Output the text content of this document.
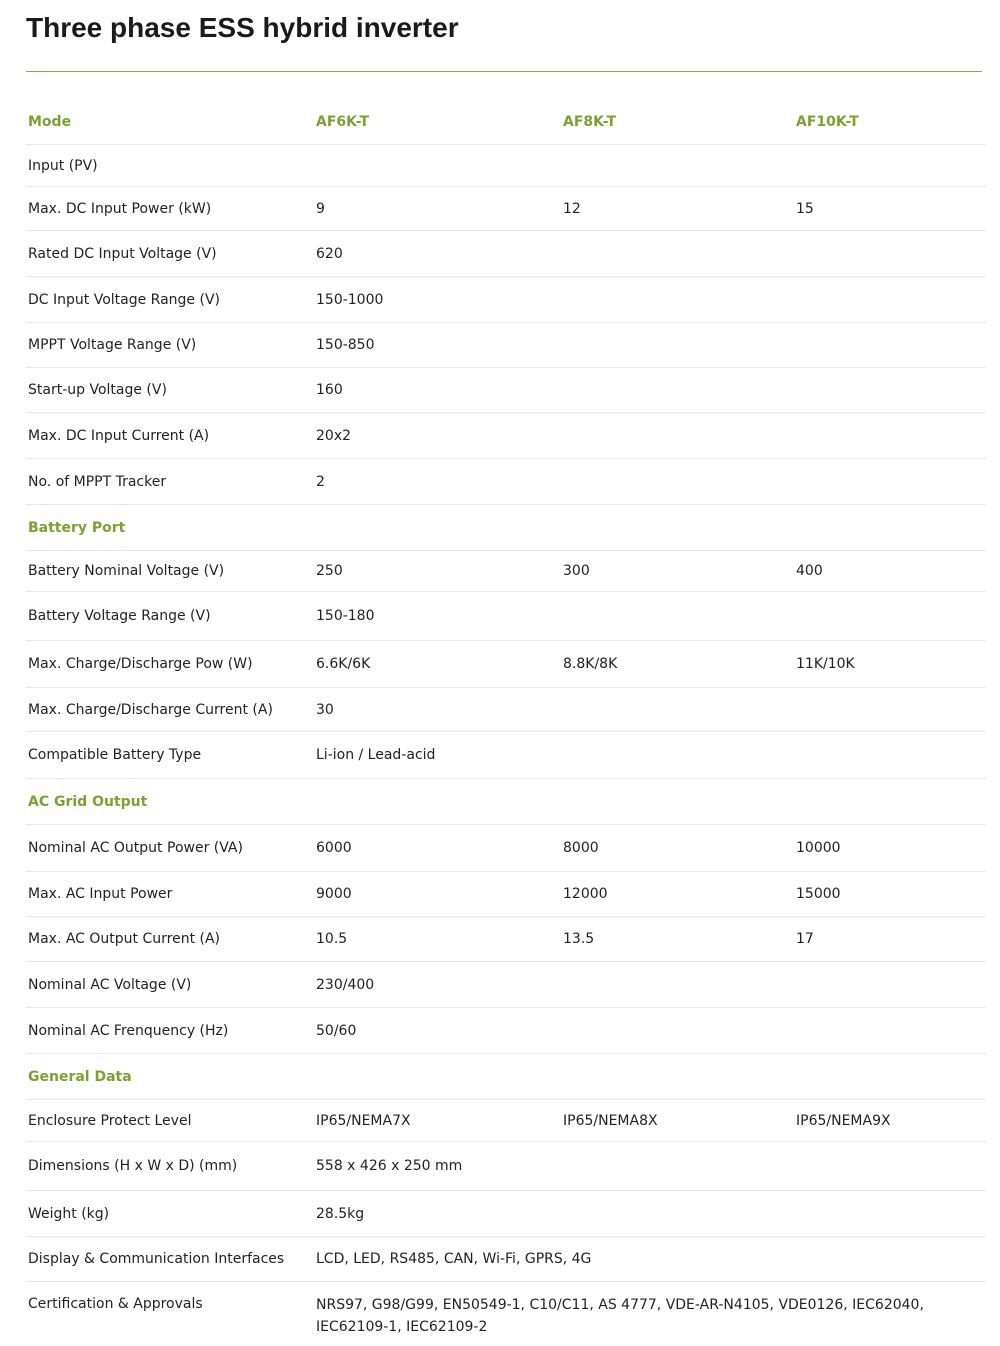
Three phase ESS hybrid inverter
Mode	AF6K-T	AF8K-T	AF10K-T
Input (PV)
Max. DC Input Power (kW)	9	12	15
Rated DC Input Voltage (V)	620
DC Input Voltage Range (V)	150-1000
MPPT Voltage Range (V)	150-850
Start-up Voltage (V)	160
Max. DC Input Current (A)	20x2
No. of MPPT Tracker	2
Battery Port
Battery Nominal Voltage (V)	250	300	400
Battery Voltage Range (V)	150-180
Max. Charge/Discharge Pow (W)	6.6K/6K	8.8K/8K	11K/10K
Max. Charge/Discharge Current (A)	30
Compatible Battery Type	Li-ion / Lead-acid
AC Grid Output
Nominal AC Output Power (VA)	6000	8000	10000
Max. AC Input Power	9000	12000	15000
Max. AC Output Current (A)	10.5	13.5	17
Nominal AC Voltage (V)	230/400
Nominal AC Frenquency (Hz)	50/60
General Data
Enclosure Protect Level	IP65/NEMA7X	IP65/NEMA8X	IP65/NEMA9X
Dimensions (H x W x D) (mm)	558 x 426 x 250 mm
Weight (kg)	28.5kg
Display & Communication Interfaces	LCD, LED, RS485, CAN, Wi-Fi, GPRS, 4G
Certification & Approvals	NRS97, G98/G99, EN50549-1, C10/C11, AS 4777, VDE-AR-N4105, VDE0126, IEC62040, IEC62109-1, IEC62109-2
